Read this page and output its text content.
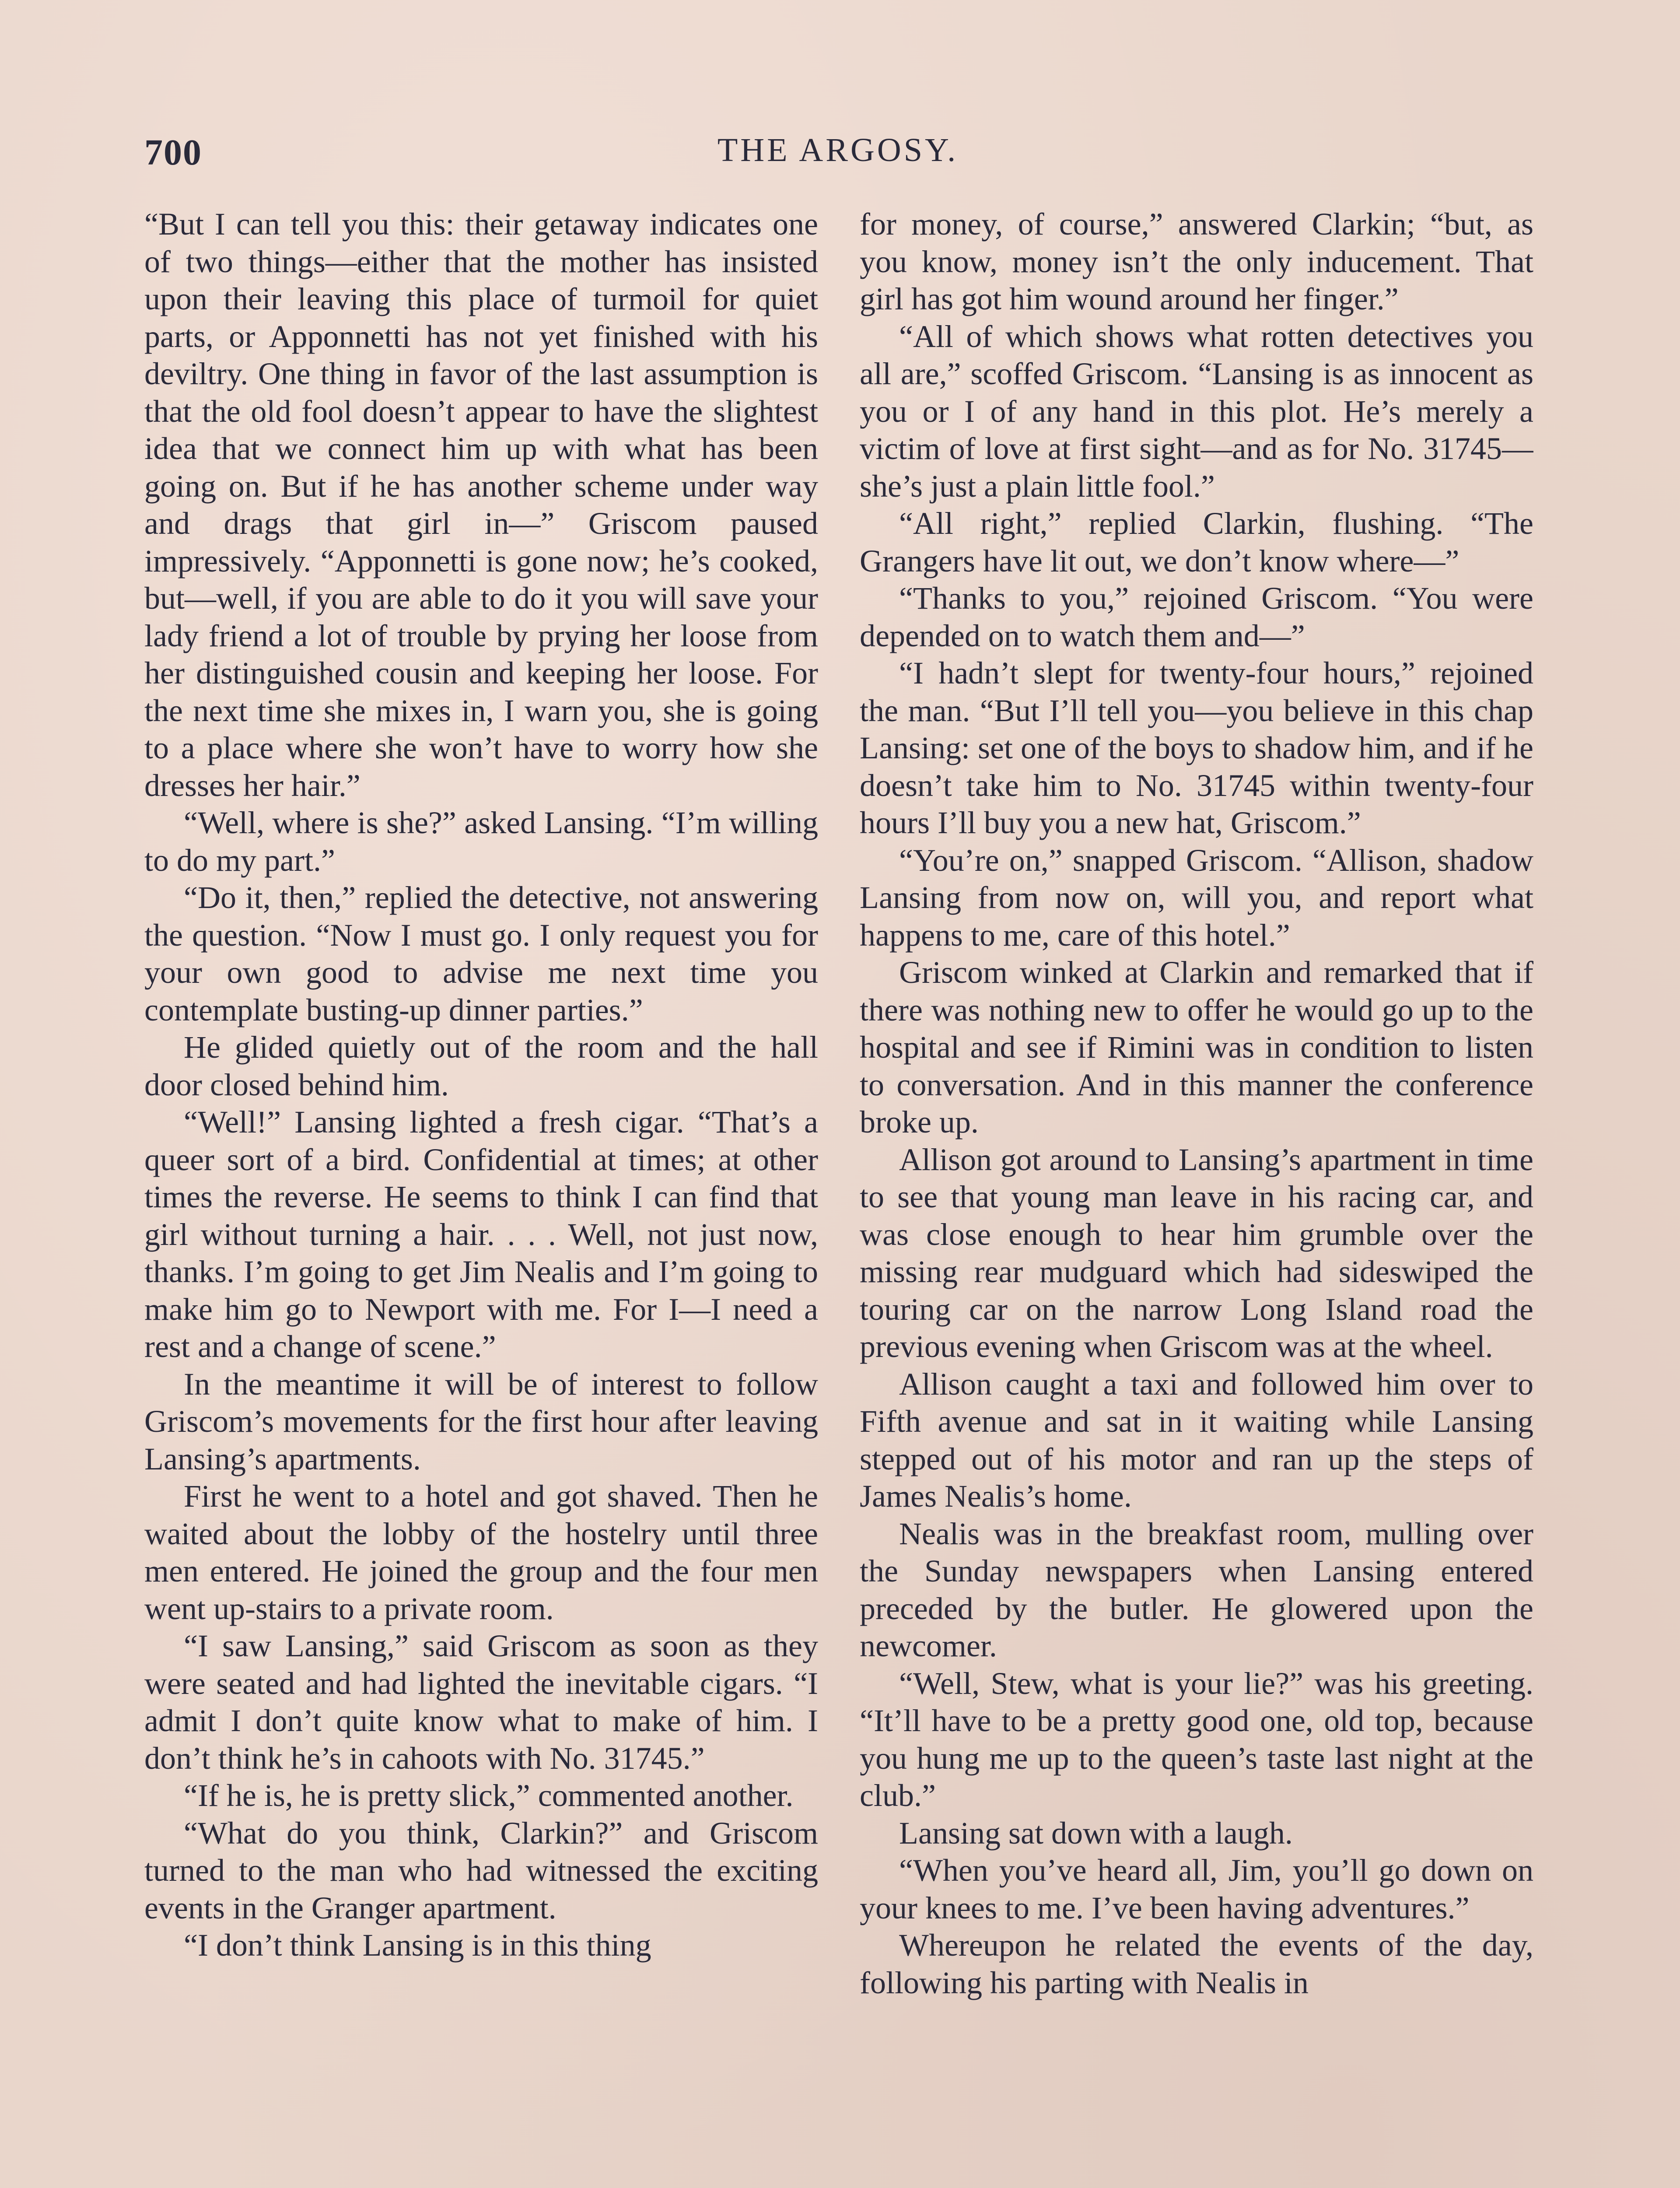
700	THE ARGOSY.

“But I can tell you this: their getaway indicates one of two things—either that the mother has insisted upon their leaving this place of turmoil for quiet parts, or Apponnetti has not yet finished with his deviltry. One thing in favor of the last assumption is that the old fool doesn’t appear to have the slightest idea that we connect him up with what has been going on. But if he has another scheme under way and drags that girl in—” Griscom paused impressively. “Apponnetti is gone now; he’s cooked, but—well, if you are able to do it you will save your lady friend a lot of trouble by prying her loose from her distinguished cousin and keeping her loose. For the next time she mixes in, I warn you, she is going to a place where she won’t have to worry how she dresses her hair.”

“Well, where is she?” asked Lansing. “I’m willing to do my part.”

“Do it, then,” replied the detective, not answering the question. “Now I must go. I only request you for your own good to advise me next time you contemplate busting-up dinner parties.”

He glided quietly out of the room and the hall door closed behind him.

“Well!” Lansing lighted a fresh cigar. “That’s a queer sort of a bird. Confidential at times; at other times the reverse. He seems to think I can find that girl without turning a hair. . . . Well, not just now, thanks. I’m going to get Jim Nealis and I’m going to make him go to Newport with me. For I—I need a rest and a change of scene.”

In the meantime it will be of interest to follow Griscom’s movements for the first hour after leaving Lansing’s apartments.

First he went to a hotel and got shaved. Then he waited about the lobby of the hostelry until three men entered. He joined the group and the four men went up-stairs to a private room.

“I saw Lansing,” said Griscom as soon as they were seated and had lighted the inevitable cigars. “I admit I don’t quite know what to make of him. I don’t think he’s in cahoots with No. 31745.”

“If he is, he is pretty slick,” commented another.

“What do you think, Clarkin?” and Griscom turned to the man who had witnessed the exciting events in the Granger apartment.

“I don’t think Lansing is in this thing

for money, of course,” answered Clarkin; “but, as you know, money isn’t the only inducement. That girl has got him wound around her finger.”

“All of which shows what rotten detectives you all are,” scoffed Griscom. “Lansing is as innocent as you or I of any hand in this plot. He’s merely a victim of love at first sight—and as for No. 31745—she’s just a plain little fool.”

“All right,” replied Clarkin, flushing. “The Grangers have lit out, we don’t know where—”

“Thanks to you,” rejoined Griscom. “You were depended on to watch them and—”

“I hadn’t slept for twenty-four hours,” rejoined the man. “But I’ll tell you—you believe in this chap Lansing: set one of the boys to shadow him, and if he doesn’t take him to No. 31745 within twenty-four hours I’ll buy you a new hat, Griscom.”

“You’re on,” snapped Griscom. “Allison, shadow Lansing from now on, will you, and report what happens to me, care of this hotel.”

Griscom winked at Clarkin and remarked that if there was nothing new to offer he would go up to the hospital and see if Rimini was in condition to listen to conversation. And in this manner the conference broke up.

Allison got around to Lansing’s apartment in time to see that young man leave in his racing car, and was close enough to hear him grumble over the missing rear mudguard which had sideswiped the touring car on the narrow Long Island road the previous evening when Griscom was at the wheel.

Allison caught a taxi and followed him over to Fifth avenue and sat in it waiting while Lansing stepped out of his motor and ran up the steps of James Nealis’s home.

Nealis was in the breakfast room, mulling over the Sunday newspapers when Lansing entered preceded by the butler. He glowered upon the newcomer.

“Well, Stew, what is your lie?” was his greeting. “It’ll have to be a pretty good one, old top, because you hung me up to the queen’s taste last night at the club.”

Lansing sat down with a laugh.

“When you’ve heard all, Jim, you’ll go down on your knees to me. I’ve been having adventures.”

Whereupon he related the events of the day, following his parting with Nealis in
